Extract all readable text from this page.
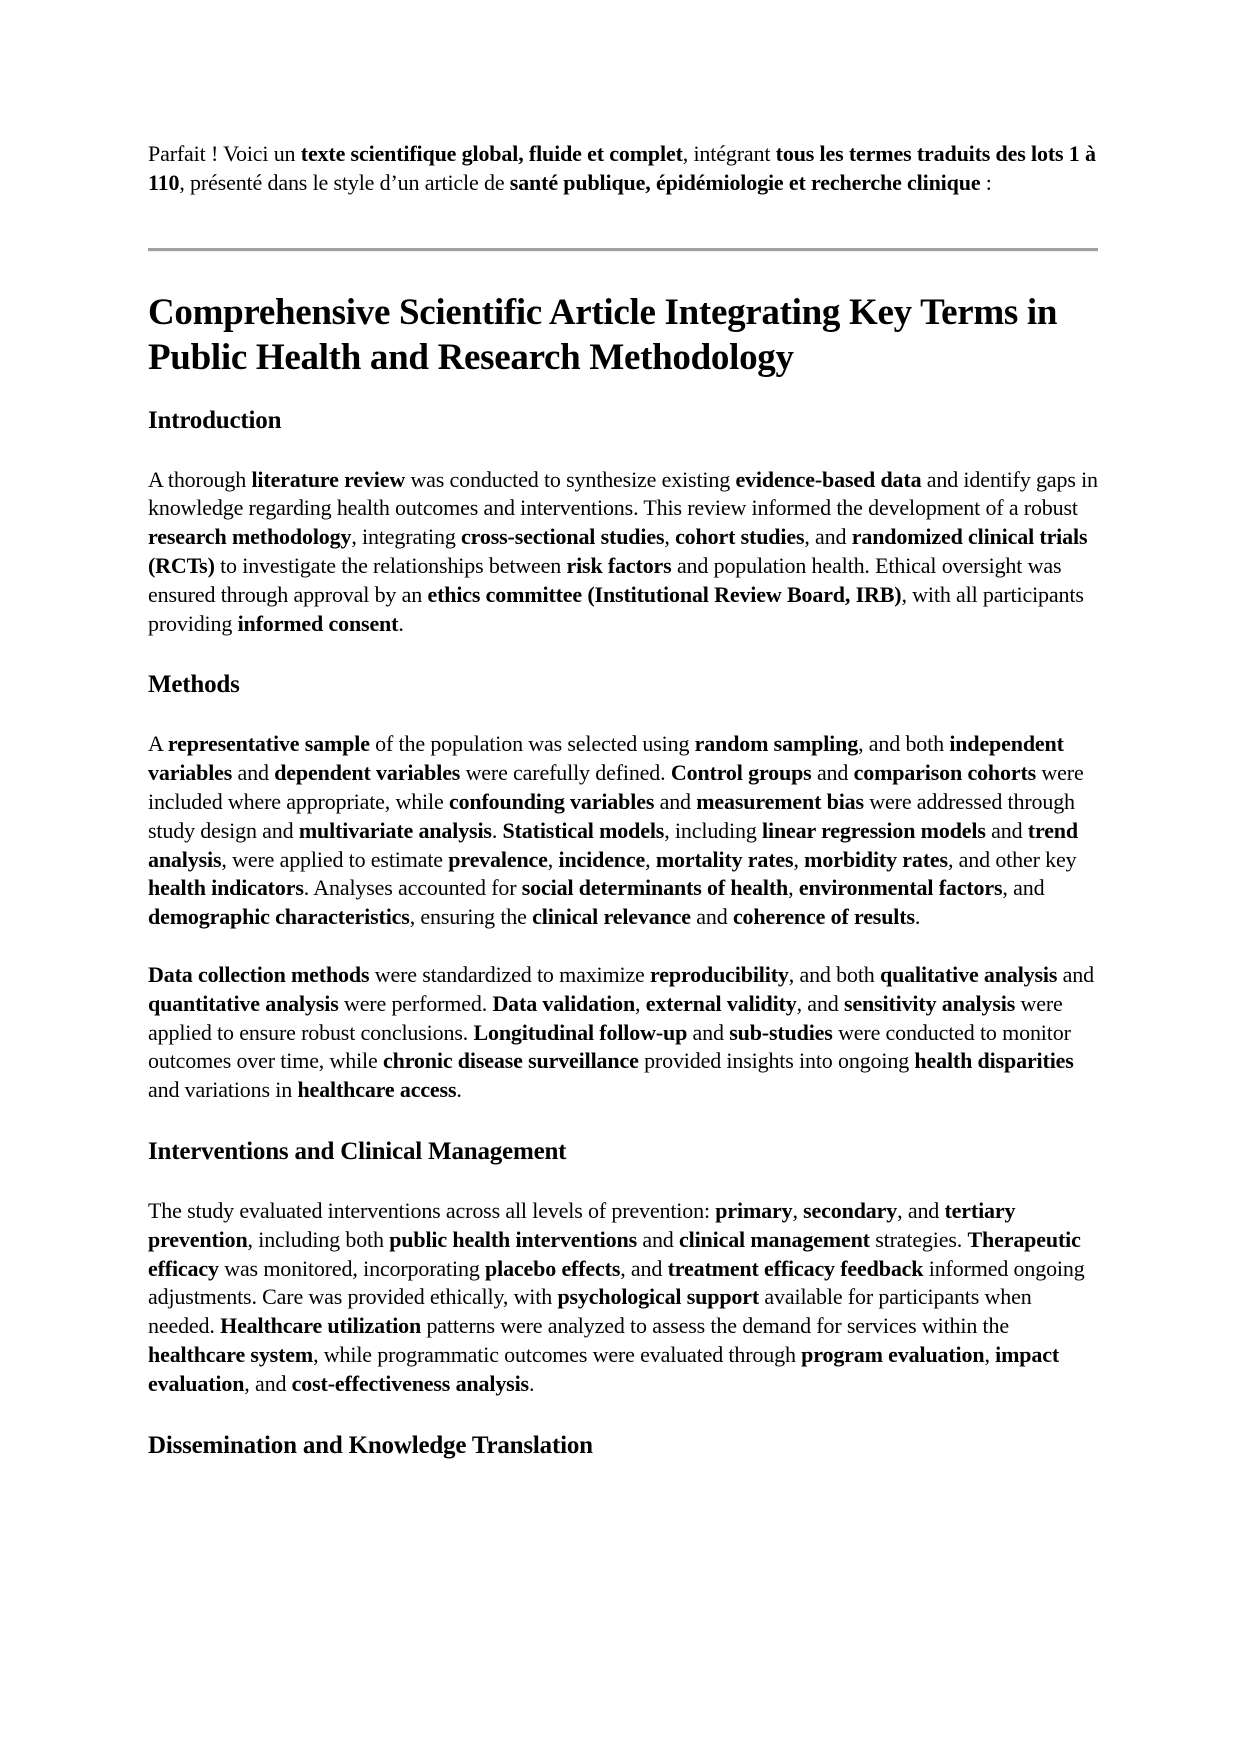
Parfait ! Voici un texte scientifique global, fluide et complet, intégrant tous les termes traduits des lots 1 à 110, présenté dans le style d’un article de santé publique, épidémiologie et recherche clinique :

Comprehensive Scientific Article Integrating Key Terms in Public Health and Research Methodology
Introduction

A thorough literature review was conducted to synthesize existing evidence-based data and identify gaps in knowledge regarding health outcomes and interventions. This review informed the development of a robust research methodology, integrating cross-sectional studies, cohort studies, and randomized clinical trials (RCTs) to investigate the relationships between risk factors and population health. Ethical oversight was ensured through approval by an ethics committee (Institutional Review Board, IRB), with all participants providing informed consent.

Methods

A representative sample of the population was selected using random sampling, and both independent variables and dependent variables were carefully defined. Control groups and comparison cohorts were included where appropriate, while confounding variables and measurement bias were addressed through study design and multivariate analysis. Statistical models, including linear regression models and trend analysis, were applied to estimate prevalence, incidence, mortality rates, morbidity rates, and other key health indicators. Analyses accounted for social determinants of health, environmental factors, and demographic characteristics, ensuring the clinical relevance and coherence of results.

Data collection methods were standardized to maximize reproducibility, and both qualitative analysis and quantitative analysis were performed. Data validation, external validity, and sensitivity analysis were applied to ensure robust conclusions. Longitudinal follow-up and sub-studies were conducted to monitor outcomes over time, while chronic disease surveillance provided insights into ongoing health disparities and variations in healthcare access.

Interventions and Clinical Management

The study evaluated interventions across all levels of prevention: primary, secondary, and tertiary prevention, including both public health interventions and clinical management strategies. Therapeutic efficacy was monitored, incorporating placebo effects, and treatment efficacy feedback informed ongoing adjustments. Care was provided ethically, with psychological support available for participants when needed. Healthcare utilization patterns were analyzed to assess the demand for services within the healthcare system, while programmatic outcomes were evaluated through program evaluation, impact evaluation, and cost-effectiveness analysis.

Dissemination and Knowledge Translation
